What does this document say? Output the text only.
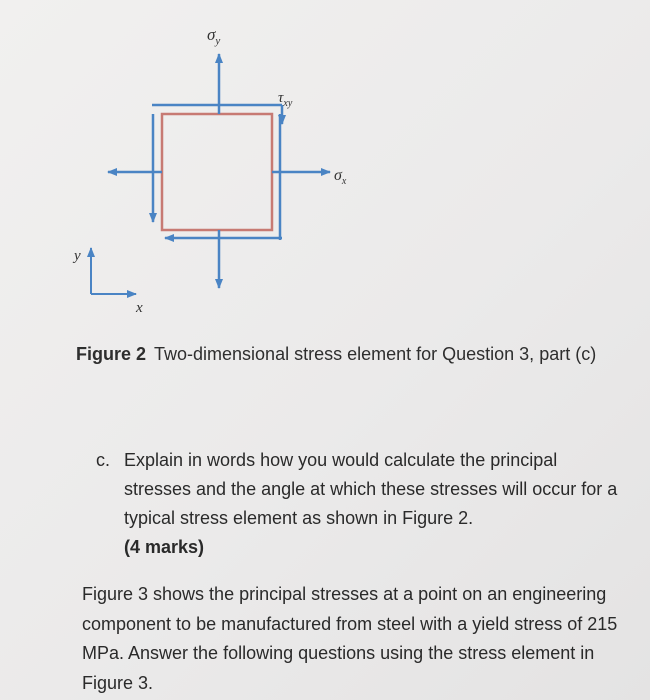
$\sigma_y$
$\tau_{xy}$
$\sigma_x$
y
x
Figure 2 Two-dimensional stress element for Question 3, part (c)
c. Explain in words how you would calculate the principal stresses and the angle at which these stresses will occur for a typical stress element as shown in Figure 2.
(4 marks)
Figure 3 shows the principal stresses at a point on an engineering component to be manufactured from steel with a yield stress of 215 MPa. Answer the following questions using the stress element in Figure 3.
